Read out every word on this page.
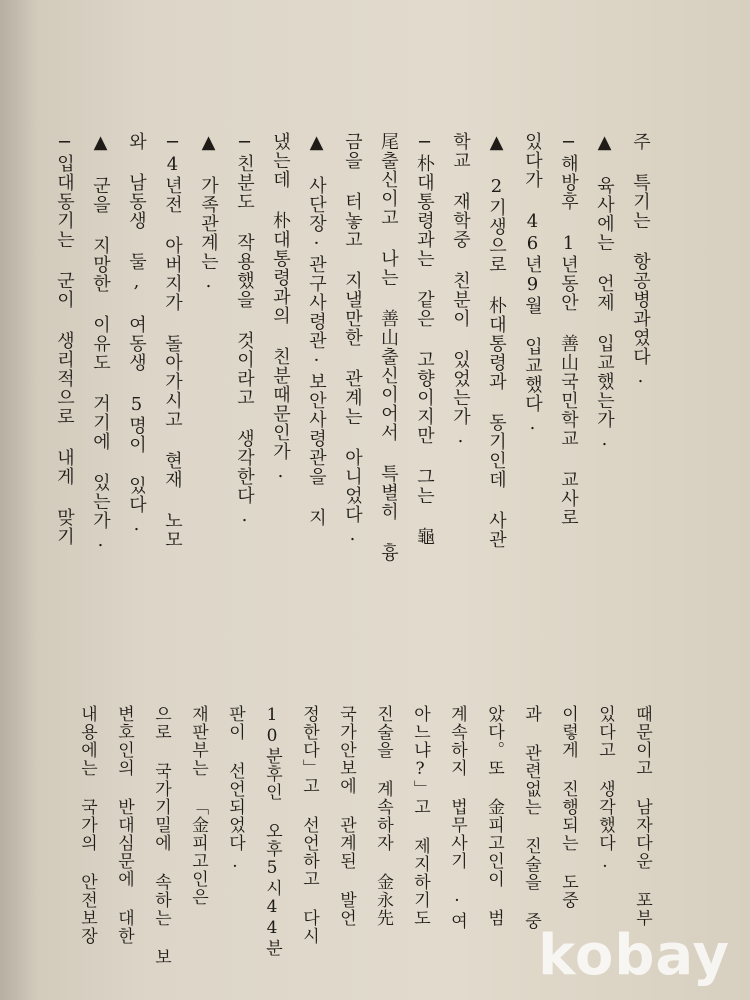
주 특기는 항공병과였다.
▲ 육사에는 언제 입교했는가.
─해방후 1년동안 善山국민학교 교사로
있다가 46년9월 입교했다.
▲ 2기생으로 朴대통령과 동기인데 사관
학교 재학중 친분이 있었는가.
─朴대통령과는 같은 고향이지만 그는 龜
尾출신이고 나는 善山출신이어서 특별히 흉
금을 터놓고 지낼만한 관계는 아니었다.
▲ 사단장·관구사령관·보안사령관을 지
냈는데 朴대통령과의 친분때문인가.
─친분도 작용했을 것이라고 생각한다.
▲ 가족관계는.
─4년전 아버지가 돌아가시고 현재 노모
와 남동생 둘, 여동생 5명이 있다.
▲ 군을 지망한 이유도 거기에 있는가.
─입대동기는 군이 생리적으로 내게 맞기
때문이고 남자다운 포부
있다고 생각했다.
이렇게 진행되는 도중
과 관련없는 진술을 중
았다。또 金피고인이 범
계속하지 법무사기 ·여
아느냐?」고 제지하기도
진술을 계속하자 金永先
국가안보에 관계된 발언
정한다」고 선언하고 다시
10분후인 오후5시44분
판이 선언되었다.
재판부는 「金피고인은
으로 국가기밀에 속하는 보
변호인의 반대심문에 대한
내용에는 국가의 안전보장
kobay
